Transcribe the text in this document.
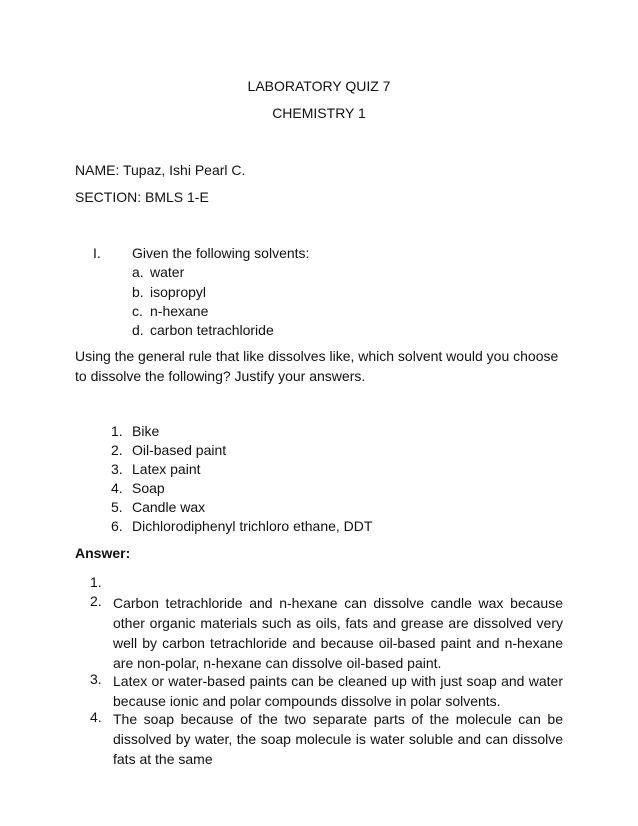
LABORATORY QUIZ 7
CHEMISTRY 1
NAME: Tupaz, Ishi Pearl C.
SECTION: BMLS 1-E
I. Given the following solvents:
a. water
b. isopropyl
c. n-hexane
d. carbon tetrachloride
Using the general rule that like dissolves like, which solvent would you choose to dissolve the following? Justify your answers.
1. Bike
2. Oil-based paint
3. Latex paint
4. Soap
5. Candle wax
6. Dichlorodiphenyl trichloro ethane, DDT
Answer:
1.
2. Carbon tetrachloride and n-hexane can dissolve candle wax because other organic materials such as oils, fats and grease are dissolved very well by carbon tetrachloride and because oil-based paint and n-hexane are non-polar, n-hexane can dissolve oil-based paint.
3. Latex or water-based paints can be cleaned up with just soap and water because ionic and polar compounds dissolve in polar solvents.
4. The soap because of the two separate parts of the molecule can be dissolved by water, the soap molecule is water soluble and can dissolve fats at the same
